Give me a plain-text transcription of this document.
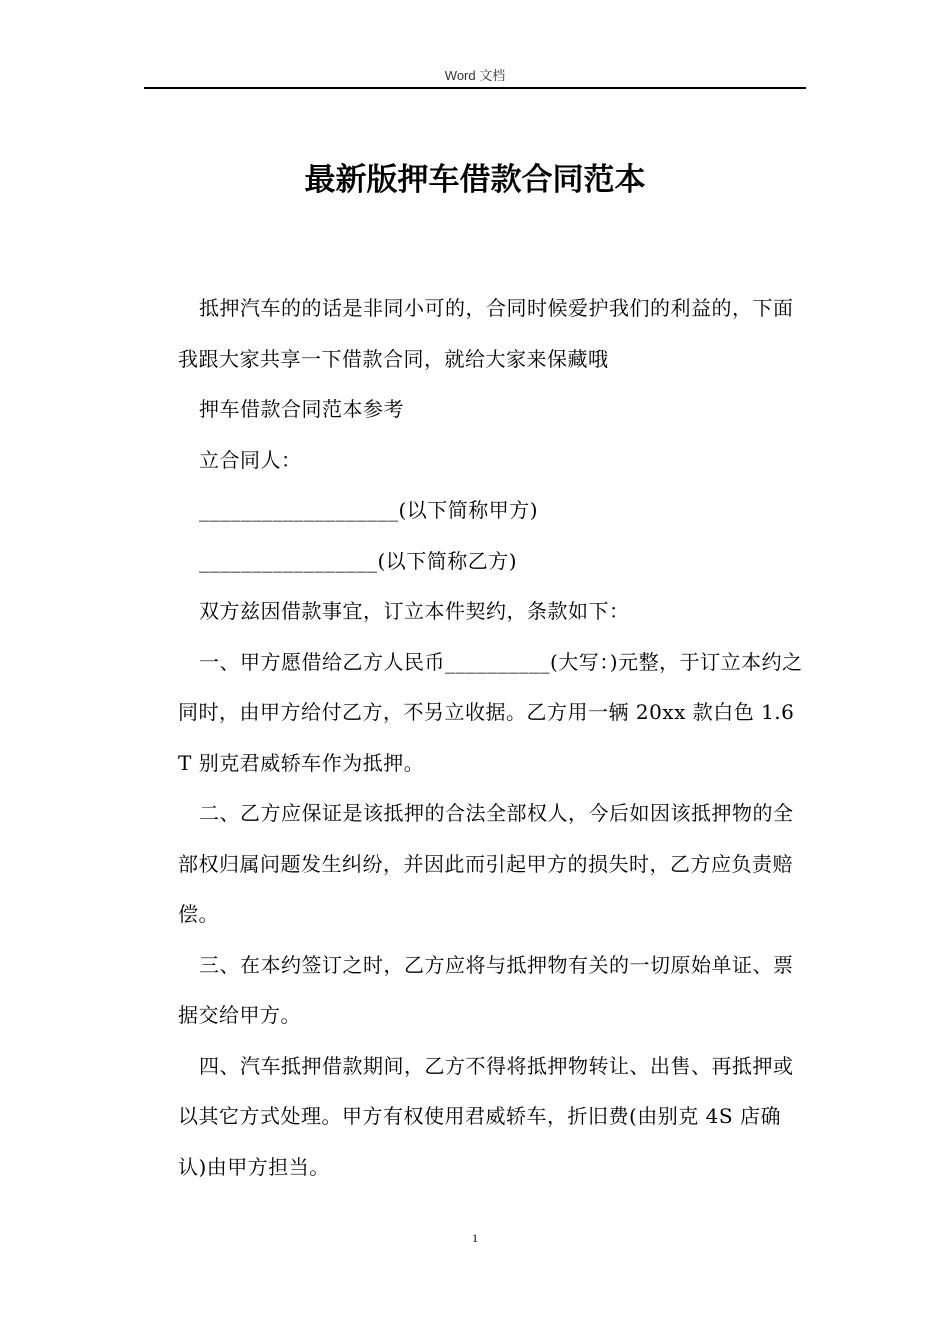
Word 文档
最新版押车借款合同范本

抵押汽车的的话是非同小可的，合同时候爱护我们的利益的，下面我跟大家共享一下借款合同，就给大家来保藏哦

押车借款合同范本参考

立合同人：

___________________(以下简称甲方)

_________________(以下简称乙方)

双方兹因借款事宜，订立本件契约，条款如下：

一、甲方愿借给乙方人民币__________(大写：)元整，于订立本约之同时，由甲方给付乙方，不另立收据。乙方用一辆 20xx 款白色 1.6T 别克君威轿车作为抵押。

二、乙方应保证是该抵押的合法全部权人，今后如因该抵押物的全部权归属问题发生纠纷，并因此而引起甲方的损失时，乙方应负责赔偿。

三、在本约签订之时，乙方应将与抵押物有关的一切原始单证、票据交给甲方。

四、汽车抵押借款期间，乙方不得将抵押物转让、出售、再抵押或以其它方式处理。甲方有权使用君威轿车，折旧费(由别克 4S 店确认)由甲方担当。

1
